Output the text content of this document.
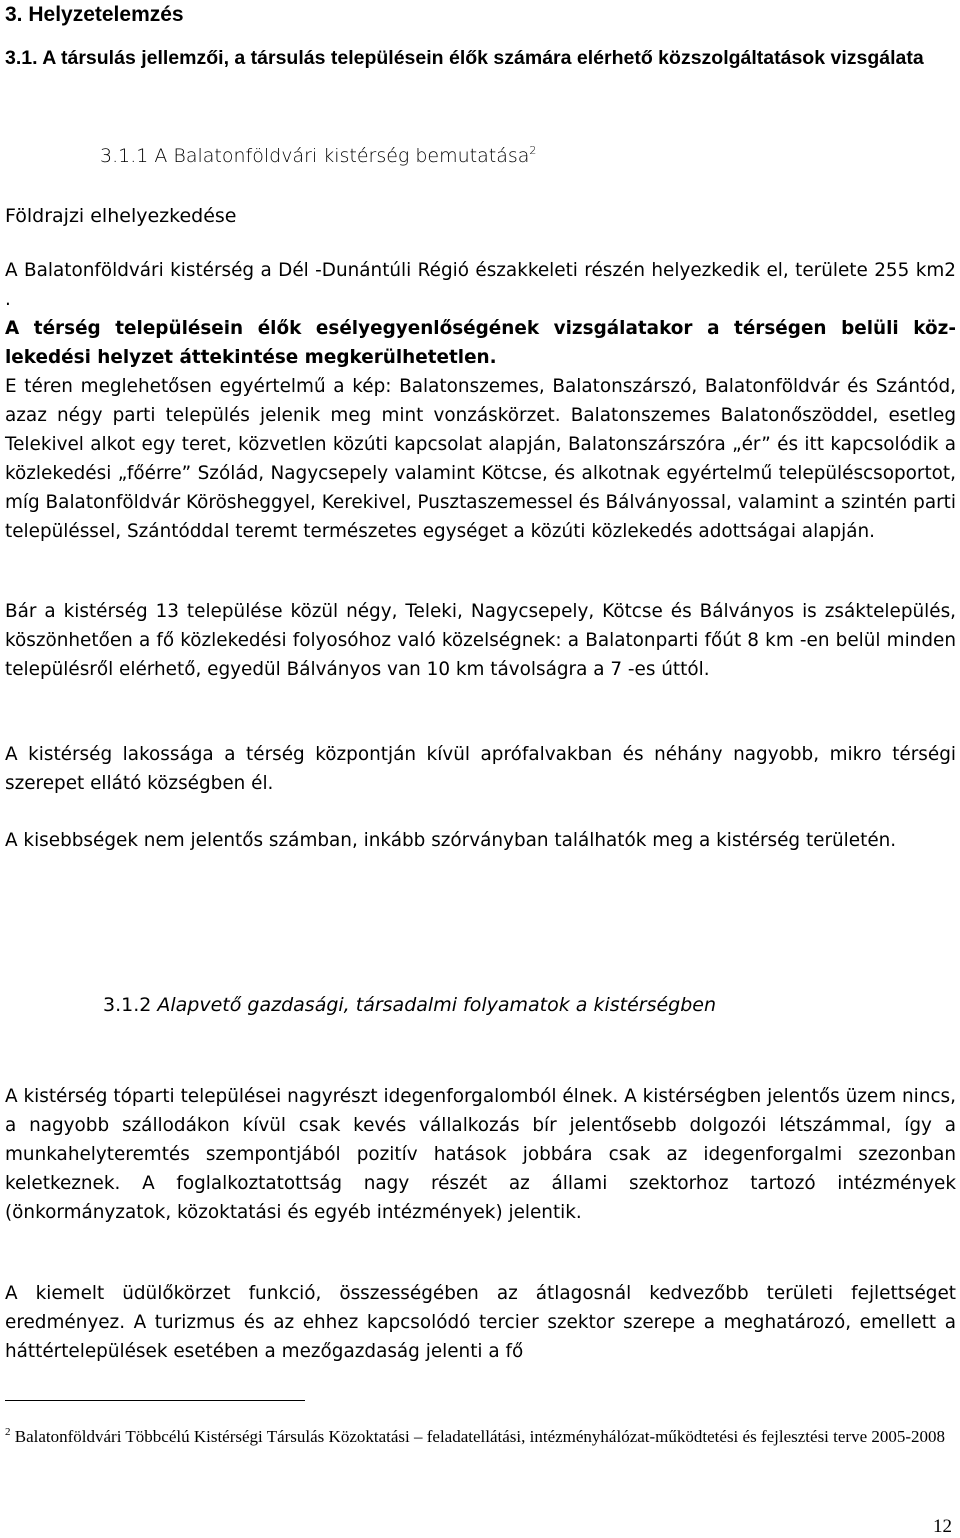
3. Helyzetelemzés
3.1. A társulás jellemzői, a társulás településein élők számára elérhető közszolgáltatások vizsgálata
3.1.1 A Balatonföldvári kistérség bemutatása$^2$
Földrajzi elhelyezkedése

A Balatonföldvári kistérség a Dél -Dunántúli Régió északkeleti részén helyezkedik el, területe 255 km2 .

A térség településein élők esélyegyenlőségének vizsgálatakor a térségen belüli közlekedési helyzet áttekintése megkerülhetetlen.

E téren meglehetősen egyértelmű a kép: Balatonszemes, Balatonszárszó, Balatonföldvár és Szántód, azaz négy parti település jelenik meg mint vonzáskörzet. Balatonszemes Balatonőszöddel, esetleg Telekivel alkot egy teret, közvetlen közúti kapcsolat alapján, Balatonszárszóra „ér” és itt kapcsolódik a közlekedési „főérre” Szólád, Nagycsepely valamint Kötcse, és alkotnak egyértelmű településcsoportot, míg Balatonföldvár Körösheggyel, Kerekivel, Pusztaszemessel és Bálványossal, valamint a szintén parti településsel, Szántóddal teremt természetes egységet a közúti közlekedés adottságai alapján.

Bár a kistérség 13 települése közül négy, Teleki, Nagycsepely, Kötcse és Bálványos is zsáktelepülés, köszönhetően a fő közlekedési folyosóhoz való közelségnek: a Balatonparti főút 8 km -en belül minden településről elérhető, egyedül Bálványos van 10 km távolságra a 7 -es úttól.

A kistérség lakossága a térség központján kívül aprófalvakban és néhány nagyobb, mikro térségi szerepet ellátó községben él.

A kisebbségek nem jelentős számban, inkább szórványban találhatók meg a kistérség területén.

3.1.2 Alapvető gazdasági, társadalmi folyamatok a kistérségben

A kistérség tóparti települései nagyrészt idegenforgalomból élnek. A kistérségben jelentős üzem nincs, a nagyobb szállodákon kívül csak kevés vállalkozás bír jelentősebb dolgozói létszámmal, így a munkahelyteremtés szempontjából pozitív hatások jobbára csak az idegenforgalmi szezonban keletkeznek. A foglalkoztatottság nagy részét az állami szektorhoz tartozó intézmények (önkormányzatok, közoktatási és egyéb intézmények) jelentik.

A kiemelt üdülőkörzet funkció, összességében az átlagosnál kedvezőbb területi fejlettséget eredményez. A turizmus és az ehhez kapcsolódó tercier szektor szerepe a meghatározó, emellett a háttértelepülések esetében a mezőgazdaság jelenti a fő

$^2$ Balatonföldvári Többcélú Kistérségi Társulás Közoktatási – feladatellátási, intézményhálózat-működtetési és fejlesztési terve 2005-2008
12
